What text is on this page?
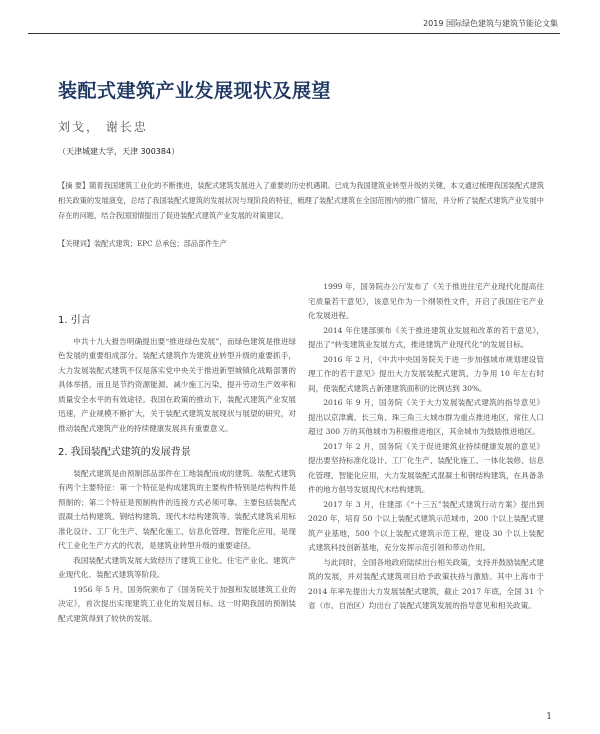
2019 国际绿色建筑与建筑节能论文集
装配式建筑产业发展现状及展望
刘戈， 谢长忠
（天津城建大学，天津 300384）
【摘 要】随着我国建筑工业化的不断推进，装配式建筑发展进入了重要的历史机遇期。已成为我国建筑业转型升级的关键，本文通过梳理我国装配式建筑相关政策的发展演变，总结了我国装配式建筑的发展状况与现阶段的特征，梳理了装配式建筑在全国范围内的推广情况，并分析了装配式建筑产业发展中存在的问题，结合我国国情提出了促进装配式建筑产业发展的对策建议。
【关键词】装配式建筑；EPC 总承包；部品部件生产
1. 引言

中共十九大报告明确提出要“推进绿色发展”，而绿色建筑是推进绿色发展的重要组成部分。装配式建筑作为建筑业转型升级的重要抓手，大力发展装配式建筑不仅是落实党中央关于推进新型城镇化战略部署的具体举措，而且是节约资源能源、减少施工污染、提升劳动生产效率和质量安全水平的有效途径。我国在政策的推动下，装配式建筑产业发展迅速，产业规模不断扩大，关于装配式建筑发展现状与展望的研究，对推动装配式建筑产业的持续健康发展具有重要意义。

2. 我国装配式建筑的发展背景

装配式建筑是由预制部品部件在工地装配而成的建筑。装配式建筑有两个主要特征：第一个特征是构成建筑的主要构件特别是结构构件是预制的；第二个特征是预制构件的连接方式必须可靠。主要包括装配式混凝土结构建筑、钢结构建筑、现代木结构建筑等。装配式建筑采用标准化设计、工厂化生产、装配化施工、信息化管理、智能化应用，是现代工业化生产方式的代表，是建筑业转型升级的重要途径。

我国装配式建筑发展大致经历了建筑工业化、住宅产业化、建筑产业现代化、装配式建筑等阶段。

1956 年 5 月，国务院颁布了《国务院关于加强和发展建筑工业的决定》，首次提出实现建筑工业化的发展目标。这一时期我国的预制装配式建筑得到了较快的发展。

1999 年，国务院办公厅发布了《关于推进住宅产业现代化提高住宅质量若干意见》，该意见作为一个纲领性文件，开启了我国住宅产业化发展进程。

2014 年住建部颁布《关于推进建筑业发展和改革的若干意见》，提出了“转变建筑业发展方式，推进建筑产业现代化”的发展目标。

2016 年 2 月，《中共中央国务院关于进一步加强城市规划建设管理工作的若干意见》提出大力发展装配式建筑，力争用 10 年左右时间，使装配式建筑占新建建筑面积的比例达到 30%。

2016 年 9 月，国务院《关于大力发展装配式建筑的指导意见》提出以京津冀、长三角、珠三角三大城市群为重点推进地区，常住人口超过 300 万的其他城市为积极推进地区，其余城市为鼓励推进地区。

2017 年 2 月，国务院《关于促进建筑业持续健康发展的意见》提出要坚持标准化设计、工厂化生产、装配化施工、一体化装修、信息化管理、智能化应用，大力发展装配式混凝土和钢结构建筑，在具备条件的地方倡导发展现代木结构建筑。

2017 年 3 月，住建部《“十三五”装配式建筑行动方案》提出到 2020 年，培育 50 个以上装配式建筑示范城市，200 个以上装配式建筑产业基地，500 个以上装配式建筑示范工程，建设 30 个以上装配式建筑科技创新基地，充分发挥示范引领和带动作用。

与此同时，全国各地政府陆续出台相关政策，支持并鼓励装配式建筑的发展，并对装配式建筑项目给予政策扶持与激励。其中上海市于 2014 年率先提出大力发展装配式建筑，截止 2017 年底，全国 31 个省（市、自治区）均出台了装配式建筑发展的指导意见和相关政策。

1
